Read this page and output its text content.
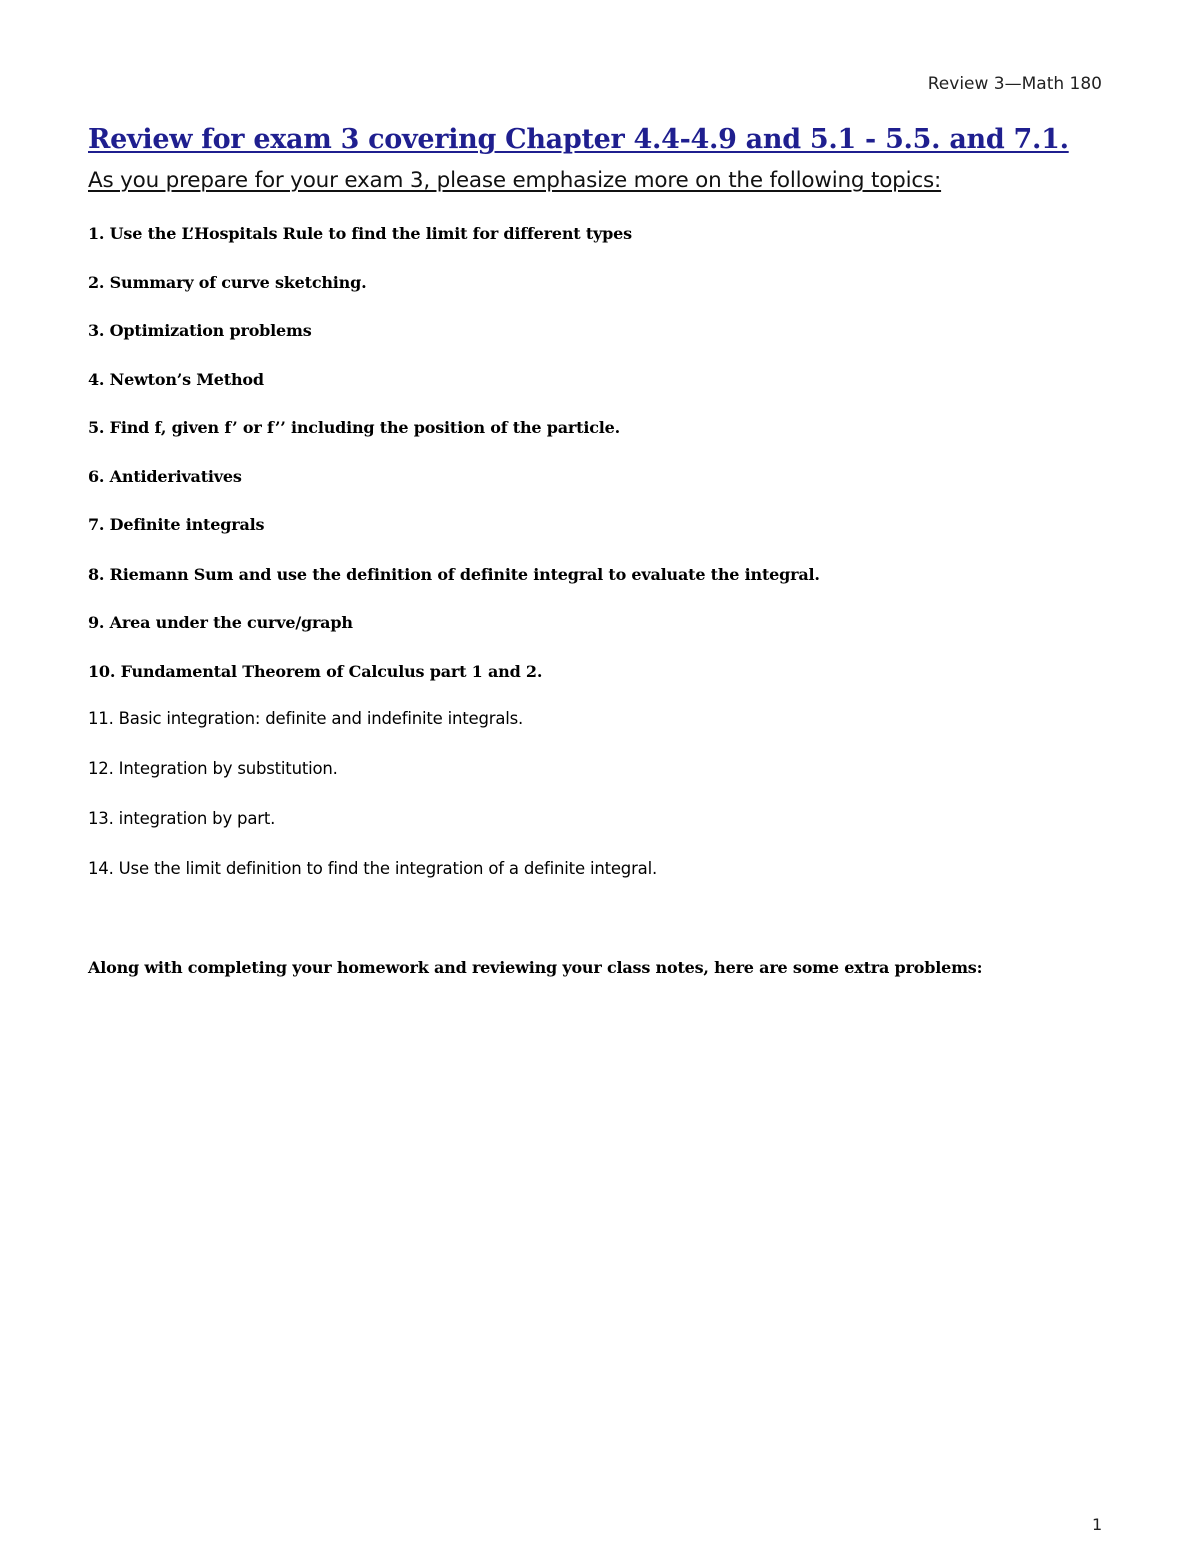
Review 3—Math 180
Review for exam 3 covering Chapter 4.4-4.9 and 5.1 - 5.5. and 7.1.
As you prepare for your exam 3, please emphasize more on the following topics:
1. Use the L’Hospitals Rule to find the limit for different types
2. Summary of curve sketching.
3. Optimization problems
4. Newton’s Method
5. Find f, given f’ or f’’ including the position of the particle.
6. Antiderivatives
7. Definite integrals
8. Riemann Sum and use the definition of definite integral to evaluate the integral.
9. Area under the curve/graph
10. Fundamental Theorem of Calculus part 1 and 2.
11. Basic integration: definite and indefinite integrals.
12. Integration by substitution.
13. integration by part.
14. Use the limit definition to find the integration of a definite integral.
Along with completing your homework and reviewing your class notes, here are some extra problems:
1
